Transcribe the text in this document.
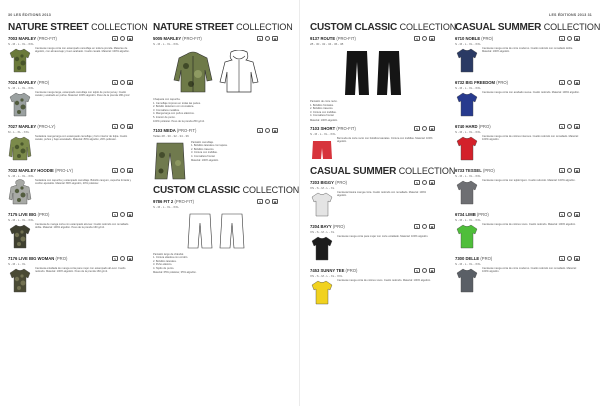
30 LES ÉDITIONS 2013
NATURE STREET COLLECTION
7003 MARLEY (PRO-FIT)
S - M - L - XL - XXL
S	·	▣
Camiseta manga corta con estampado camuflaje en toda la prenda. Materias de algodón, con almacenaje y buen acabado. Cuello canalé. Material: 100% algodón.
7024 MARLEY (PRO)
S - M - L - XL - XXL
S	·	▣
Camiseta manga larga, estampado camuflaje con tejido de punto jersey. Cuello canalé y acabado en puños. Material: 100% algodón. Peso de la prenda 180 g/m2.
7027 MARLEY (PRO-LY)
M - L - XL - XXL
S	·	▣
Sudadera manga larga con estampado camuflaje y forro interior de felpa. Cuello canalé, puños y bajo acanalado. Material: 80% algodón, 20% poliéster.
7032 MARLEY HOODIE (PRO-LY)
S - M - L - XL - XXL
S	·	▣
Sudadera con capucha y estampado camuflaje. Bolsillo canguro, capucha forrada y cordón ajustable. Material: 80% algodón, 20% poliéster.
7175 LIVE BIG (PRO)
S - M - L - XL - XXL
S	·	▣
Camiseta de manga corta con estampado all-over. Cuello redondo con remallado doble. Material: 100% algodón. Peso de la prenda 160 g/m2.
7176 LIVE BIG WOMAN (PRO)
S - M - L - XL
S	·	▣
Camiseta entallada de manga corta para mujer con estampado all-over. Cuello redondo. Material: 100% algodón. Peso de la prenda 160 g/m2.
NATURE STREET COLLECTION
5005 MARLEY (PRO-FIT)
S - M - L - XL - XXL
S	·	▣
Chaqueta con capucha.
1. Camuflaje impreso en todas las partes.
2. Bolsillo delantero con cremallera.
3. Cremallera metálica.
4. Manga larga con puños elásticos.
5. Interior de punto.
100% poliéster. Peso de la prenda 250 g/m2.
7103 MEDA (PRO-FIT)
Tallas 28 - 30 - 32 - 34 - 36
S	·	▣
Pantalón camuflaje.
1. Bolsillos laterales con tapeta.
2. Bolsillos traseros.
3. Cintura con trabillas.
4. Cremallera frontal.
Material: 100% algodón.
CUSTOM CLASSIC COLLECTION
9786 FIT 2 (PRO-FIT)
S - M - L - XL - XXL
S	·	▣
Pantalón largo de chándal.
1. Cintura elástica con cordón.
2. Bolsillos laterales.
3. Puño elástico.
4. Tejido de punto.
Material: 65% poliéster, 35% algodón.
LES ÉDITIONS 2013 31
CUSTOM CLASSIC COLLECTION
9137 ROUTE (PRO-FIT)
28 - 30 - 32 - 34 - 36 - 38
S	·	▣
Pantalón de corte recto.
1. Bolsillos frontales.
2. Bolsillos traseros.
3. Cintura con trabillas.
4. Cremallera frontal.
Material: 100% algodón.
7103 SHORT (PRO-FIT)
S - M - L - XL - XXL
S	·	▣
Bermuda de corte recto con bolsillos laterales. Cintura con trabillas. Material: 100% algodón.
CASUAL SUMMER COLLECTION
7203 BIGGY (PRO)
XS - S - M - L - XL
S	·	▣
Camiseta básica manga corta. Cuello redondo con remallado. Material: 100% algodón.
7204 BAYY (PRO)
XS - S - M - L - XL
S	·	▣
Camiseta manga corta para mujer con corte entallado. Material: 100% algodón.
7453 SUNNY TEE (PRO)
XS - S - M - L - XL - XXL
S	·	▣
Camiseta manga corta de colores vivos. Cuello redondo. Material: 100% algodón.
CASUAL SUMMER COLLECTION
6710 NOBLE (PRO)
S - M - L - XL - XXL
S	·	▣
Camiseta manga corta de corte moderno. Cuello redondo con remallado doble. Material: 100% algodón.
6732 BIG FREEDOM (PRO)
S - M - L - XL - XXL
S	·	▣
Camiseta manga corta con acabado suave. Cuello redondo. Material: 100% algodón.
6740 HARD (PRO)
S - M - L - XL - XXL
S	·	▣
Camiseta manga corta de colores intensos. Cuello redondo con remallado. Material: 100% algodón.
6733 TESSEL (PRO)
S - M - L - XL - XXL
S	·	▣
Camiseta manga corta con tejido ligero. Cuello redondo. Material: 100% algodón.
6734 LIMB (PRO)
S - M - L - XL - XXL
S	·	▣
Camiseta manga corta de colores vivos. Cuello redondo. Material: 100% algodón.
7300 DELLE (PRO)
S - M - L - XL - XXL
S	·	▣
Camiseta manga corta de corte moderno. Cuello redondo con remallado. Material: 100% algodón.
